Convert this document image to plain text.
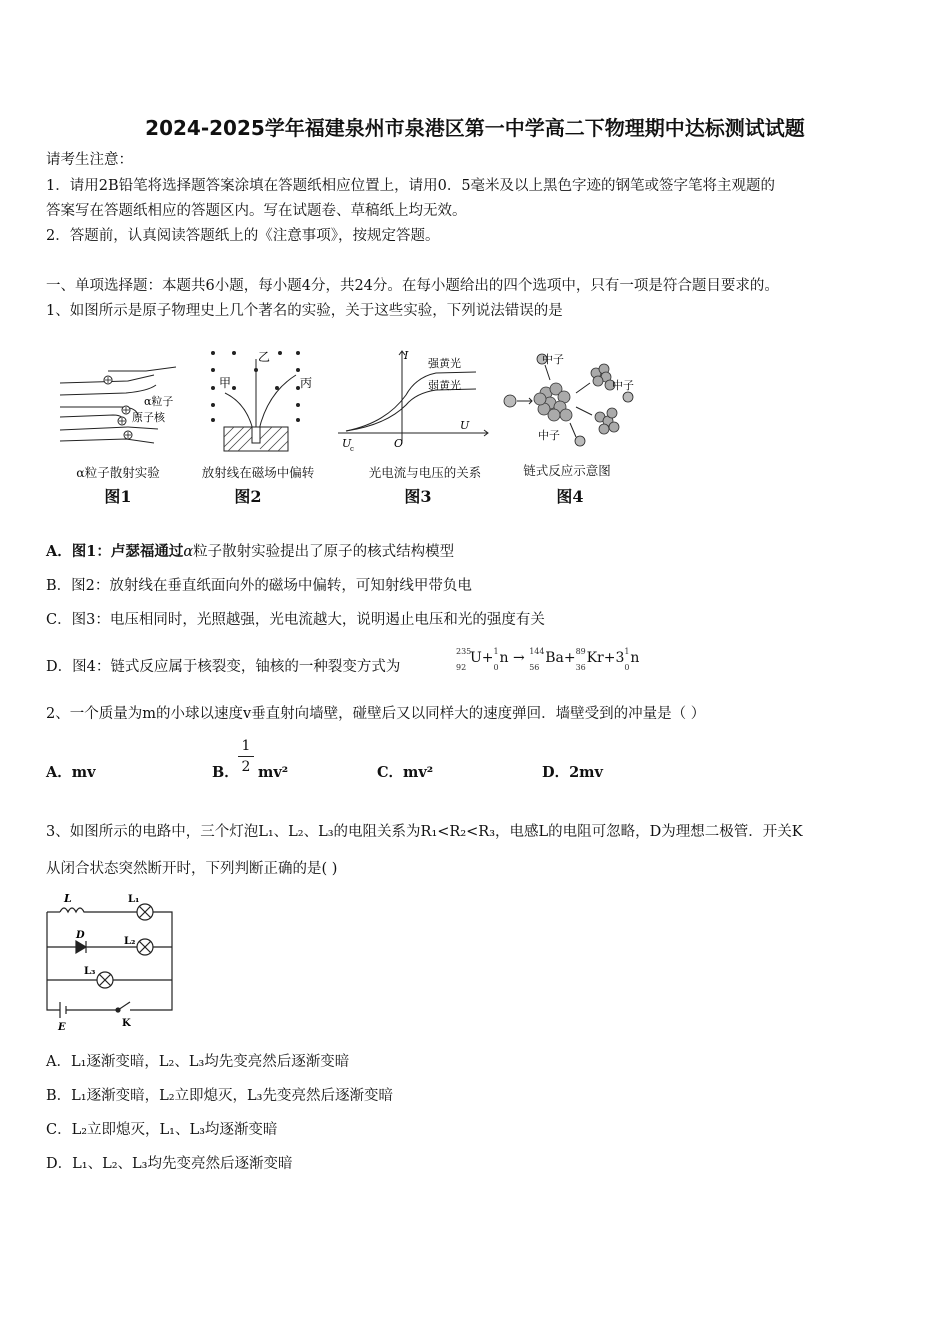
2024-2025学年福建泉州市泉港区第一中学高二下物理期中达标测试试题
请考生注意：
1．请用2B铅笔将选择题答案涂填在答题纸相应位置上，请用0．5毫米及以上黑色字迹的钢笔或签字笔将主观题的
答案写在答题纸相应的答题区内。写在试题卷、草稿纸上均无效。
2．答题前，认真阅读答题纸上的《注意事项》，按规定答题。
一、单项选择题：本题共6小题，每小题4分，共24分。在每小题给出的四个选项中，只有一项是符合题目要求的。
1、如图所示是原子物理史上几个著名的实验，关于这些实验，下列说法错误的是
α粒子
原子核
α粒子散射实验
图1
甲
乙
丙
放射线在磁场中偏转
图2
I
强黄光
弱黄光
U
O
U
c
光电流与电压的关系
图3
中子
中子
中子
链式反应示意图
图4
A．图1：卢瑟福通过α粒子散射实验提出了原子的核式结构模型
B．图2：放射线在垂直纸面向外的磁场中偏转，可知射线甲带负电
C．图3：电压相同时，光照越强，光电流越大，说明遏止电压和光的强度有关
D．图4：链式反应属于核裂变，铀核的一种裂变方式为
235
92
U+ 1
0
n → 144
56
Ba+ 89
36
Kr+3 1
0
n
2、一个质量为m的小球以速度v垂直射向墙壁，碰壁后又以同样大的速度弹回．墙壁受到的冲量是（ ）
A．mv	B． mv²
1
2	C．mv²	D．2mv
3、如图所示的电路中，三个灯泡L₁、L₂、L₃的电阻关系为R₁<R₂<R₃，电感L的电阻可忽略，D为理想二极管．开关K
从闭合状态突然断开时，下列判断正确的是( )
L	L₁
D
L₂
L₃
E	K
A．L₁逐渐变暗，L₂、L₃均先变亮然后逐渐变暗
B．L₁逐渐变暗，L₂立即熄灭，L₃先变亮然后逐渐变暗
C．L₂立即熄灭，L₁、L₃均逐渐变暗
D．L₁、L₂、L₃均先变亮然后逐渐变暗
